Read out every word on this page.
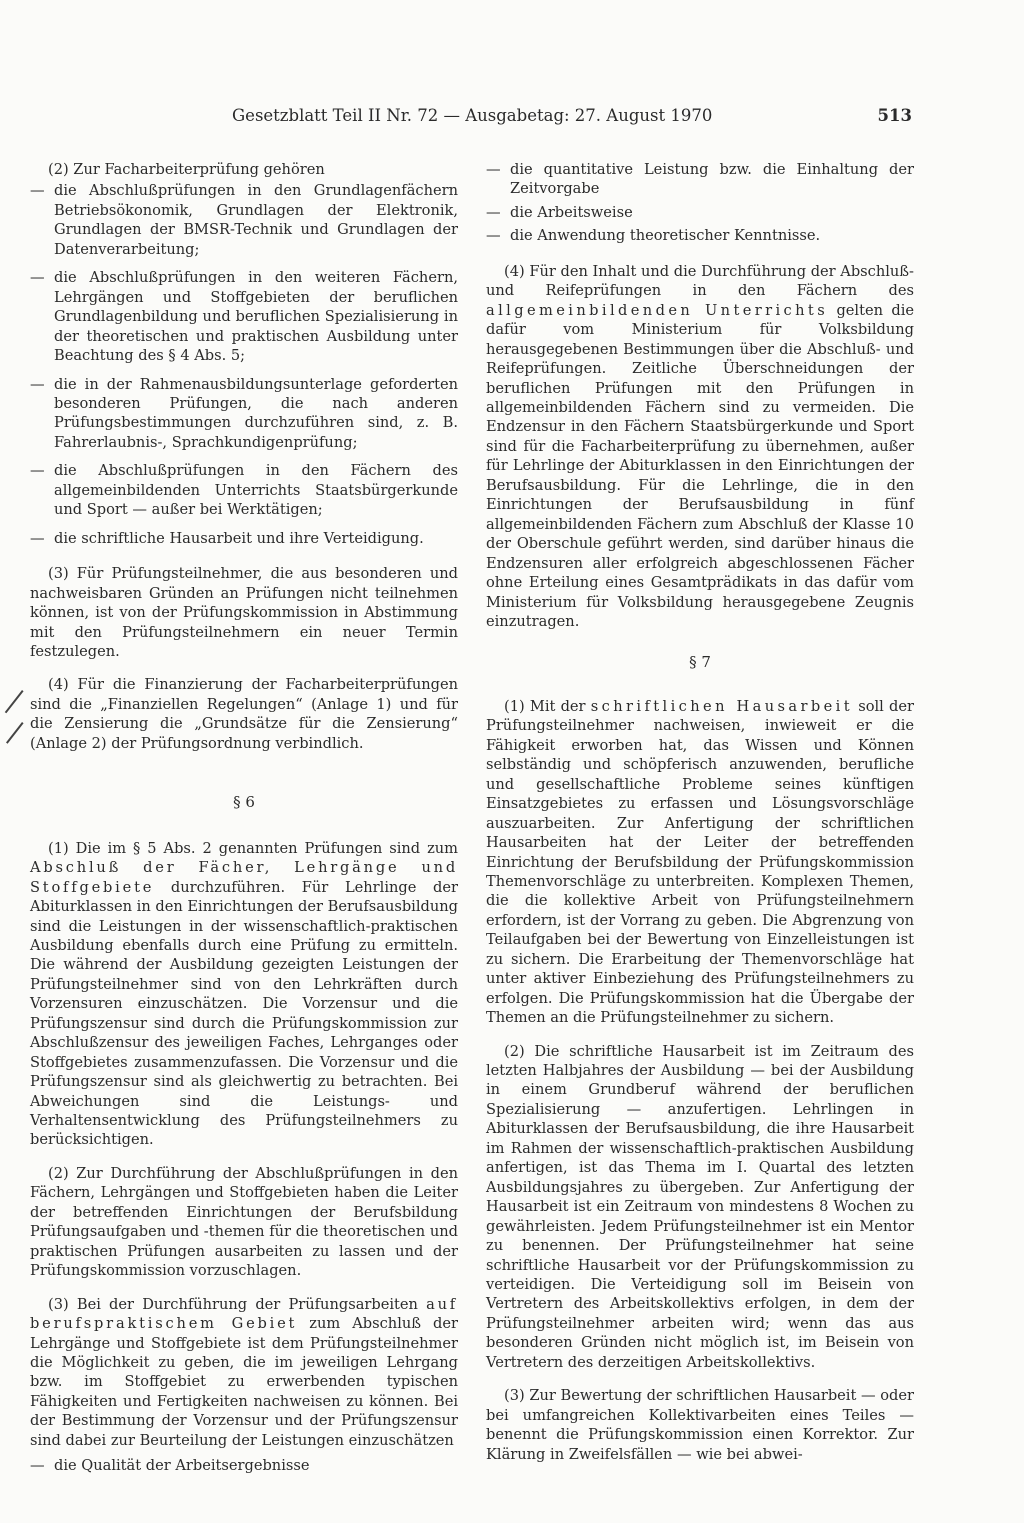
Gesetzblatt Teil II Nr. 72 — Ausgabetag: 27. August 1970	513

(2) Zur Facharbeiterprüfung gehören

— die Abschlußprüfungen in den Grundlagenfächern Betriebsökonomik, Grundlagen der Elektronik, Grundlagen der BMSR-Technik und Grundlagen der Datenverarbeitung;
— die Abschlußprüfungen in den weiteren Fächern, Lehrgängen und Stoffgebieten der beruflichen Grundlagenbildung und beruflichen Spezialisierung in der theoretischen und praktischen Ausbildung unter Beachtung des § 4 Abs. 5;
— die in der Rahmenausbildungsunterlage geforderten besonderen Prüfungen, die nach anderen Prüfungsbestimmungen durchzuführen sind, z. B. Fahrerlaubnis-, Sprachkundigenprüfung;
— die Abschlußprüfungen in den Fächern des allgemeinbildenden Unterrichts Staatsbürgerkunde und Sport — außer bei Werktätigen;
— die schriftliche Hausarbeit und ihre Verteidigung.

(3) Für Prüfungsteilnehmer, die aus besonderen und nachweisbaren Gründen an Prüfungen nicht teilnehmen können, ist von der Prüfungskommission in Abstimmung mit den Prüfungsteilnehmern ein neuer Termin festzulegen.

(4) Für die Finanzierung der Facharbeiterprüfungen sind die „Finanziellen Regelungen“ (Anlage 1) und für die Zensierung die „Grundsätze für die Zensierung“ (Anlage 2) der Prüfungsordnung verbindlich.

§ 6

(1) Die im § 5 Abs. 2 genannten Prüfungen sind zum Abschluß der Fächer, Lehrgänge und Stoffgebiete durchzuführen. Für Lehrlinge der Abiturklassen in den Einrichtungen der Berufsausbildung sind die Leistungen in der wissenschaftlich-praktischen Ausbildung ebenfalls durch eine Prüfung zu ermitteln. Die während der Ausbildung gezeigten Leistungen der Prüfungsteilnehmer sind von den Lehrkräften durch Vorzensuren einzuschätzen. Die Vorzensur und die Prüfungszensur sind durch die Prüfungskommission zur Abschlußzensur des jeweiligen Faches, Lehrganges oder Stoffgebietes zusammenzufassen. Die Vorzensur und die Prüfungszensur sind als gleichwertig zu betrachten. Bei Abweichungen sind die Leistungs- und Verhaltensentwicklung des Prüfungsteilnehmers zu berücksichtigen.

(2) Zur Durchführung der Abschlußprüfungen in den Fächern, Lehrgängen und Stoffgebieten haben die Leiter der betreffenden Einrichtungen der Berufsbildung Prüfungsaufgaben und -themen für die theoretischen und praktischen Prüfungen ausarbeiten zu lassen und der Prüfungskommission vorzuschlagen.

(3) Bei der Durchführung der Prüfungsarbeiten auf berufspraktischem Gebiet zum Abschluß der Lehrgänge und Stoffgebiete ist dem Prüfungsteilnehmer die Möglichkeit zu geben, die im jeweiligen Lehrgang bzw. im Stoffgebiet zu erwerbenden typischen Fähigkeiten und Fertigkeiten nachweisen zu können. Bei der Bestimmung der Vorzensur und der Prüfungszensur sind dabei zur Beurteilung der Leistungen einzuschätzen

— die Qualität der Arbeitsergebnisse
— die quantitative Leistung bzw. die Einhaltung der Zeitvorgabe
— die Arbeitsweise
— die Anwendung theoretischer Kenntnisse.

(4) Für den Inhalt und die Durchführung der Abschluß- und Reifeprüfungen in den Fächern des allgemeinbildenden Unterrichts gelten die dafür vom Ministerium für Volksbildung herausgegebenen Bestimmungen über die Abschluß- und Reifeprüfungen. Zeitliche Überschneidungen der beruflichen Prüfungen mit den Prüfungen in allgemeinbildenden Fächern sind zu vermeiden. Die Endzensur in den Fächern Staatsbürgerkunde und Sport sind für die Facharbeiterprüfung zu übernehmen, außer für Lehrlinge der Abiturklassen in den Einrichtungen der Berufsausbildung. Für die Lehrlinge, die in den Einrichtungen der Berufsausbildung in fünf allgemeinbildenden Fächern zum Abschluß der Klasse 10 der Oberschule geführt werden, sind darüber hinaus die Endzensuren aller erfolgreich abgeschlossenen Fächer ohne Erteilung eines Gesamtprädikats in das dafür vom Ministerium für Volksbildung herausgegebene Zeugnis einzutragen.

§ 7

(1) Mit der schriftlichen Hausarbeit soll der Prüfungsteilnehmer nachweisen, inwieweit er die Fähigkeit erworben hat, das Wissen und Können selbständig und schöpferisch anzuwenden, berufliche und gesellschaftliche Probleme seines künftigen Einsatzgebietes zu erfassen und Lösungsvorschläge auszuarbeiten. Zur Anfertigung der schriftlichen Hausarbeiten hat der Leiter der betreffenden Einrichtung der Berufsbildung der Prüfungskommission Themenvorschläge zu unterbreiten. Komplexen Themen, die die kollektive Arbeit von Prüfungsteilnehmern erfordern, ist der Vorrang zu geben. Die Abgrenzung von Teilaufgaben bei der Bewertung von Einzelleistungen ist zu sichern. Die Erarbeitung der Themenvorschläge hat unter aktiver Einbeziehung des Prüfungsteilnehmers zu erfolgen. Die Prüfungskommission hat die Übergabe der Themen an die Prüfungsteilnehmer zu sichern.

(2) Die schriftliche Hausarbeit ist im Zeitraum des letzten Halbjahres der Ausbildung — bei der Ausbildung in einem Grundberuf während der beruflichen Spezialisierung — anzufertigen. Lehrlingen in Abiturklassen der Berufsausbildung, die ihre Hausarbeit im Rahmen der wissenschaftlich-praktischen Ausbildung anfertigen, ist das Thema im I. Quartal des letzten Ausbildungsjahres zu übergeben. Zur Anfertigung der Hausarbeit ist ein Zeitraum von mindestens 8 Wochen zu gewährleisten. Jedem Prüfungsteilnehmer ist ein Mentor zu benennen. Der Prüfungsteilnehmer hat seine schriftliche Hausarbeit vor der Prüfungskommission zu verteidigen. Die Verteidigung soll im Beisein von Vertretern des Arbeitskollektivs erfolgen, in dem der Prüfungsteilnehmer arbeiten wird; wenn das aus besonderen Gründen nicht möglich ist, im Beisein von Vertretern des derzeitigen Arbeitskollektivs.

(3) Zur Bewertung der schriftlichen Hausarbeit — oder bei umfangreichen Kollektivarbeiten eines Teiles — benennt die Prüfungskommission einen Korrektor. Zur Klärung in Zweifelsfällen — wie bei abwei-
